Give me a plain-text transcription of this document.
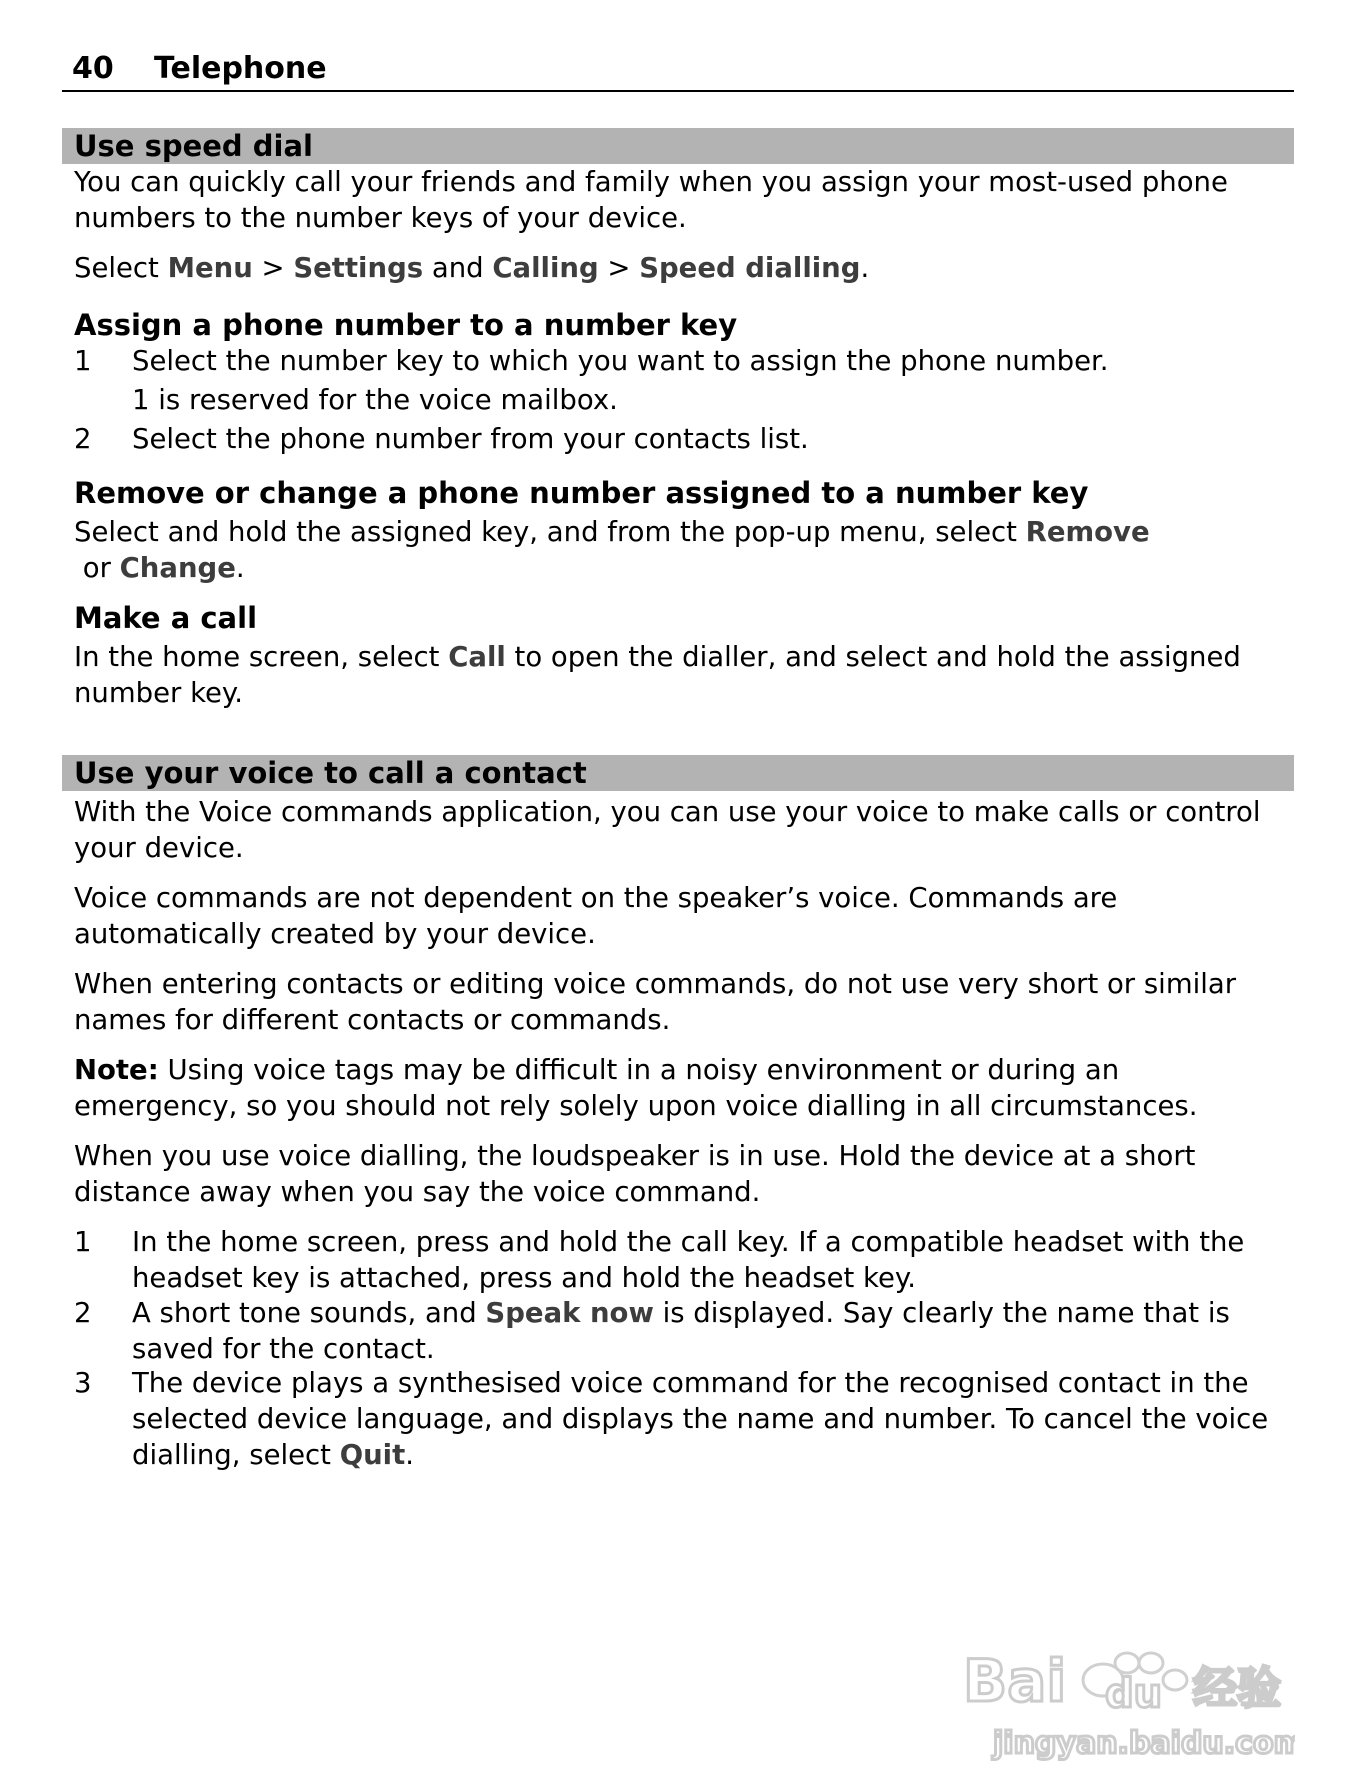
40 Telephone
Use speed dial
You can quickly call your friends and family when you assign your most-used phone numbers to the number keys of your device.
Select Menu > Settings and Calling > Speed dialling.
Assign a phone number to a number key
1 Select the number key to which you want to assign the phone number.
1 is reserved for the voice mailbox.
2 Select the phone number from your contacts list.
Remove or change a phone number assigned to a number key
Select and hold the assigned key, and from the pop-up menu, select Remove or Change.
Make a call
In the home screen, select Call to open the dialler, and select and hold the assigned number key.
Use your voice to call a contact
With the Voice commands application, you can use your voice to make calls or control your device.
Voice commands are not dependent on the speaker’s voice. Commands are automatically created by your device.
When entering contacts or editing voice commands, do not use very short or similar names for different contacts or commands.
Note: Using voice tags may be difficult in a noisy environment or during an emergency, so you should not rely solely upon voice dialling in all circumstances.
When you use voice dialling, the loudspeaker is in use. Hold the device at a short distance away when you say the voice command.
1 In the home screen, press and hold the call key. If a compatible headset with the headset key is attached, press and hold the headset key.
2 A short tone sounds, and Speak now is displayed. Say clearly the name that is saved for the contact.
3 The device plays a synthesised voice command for the recognised contact in the selected device language, and displays the name and number. To cancel the voice dialling, select Quit.
Bai du 经验
jingyan.baidu.com
